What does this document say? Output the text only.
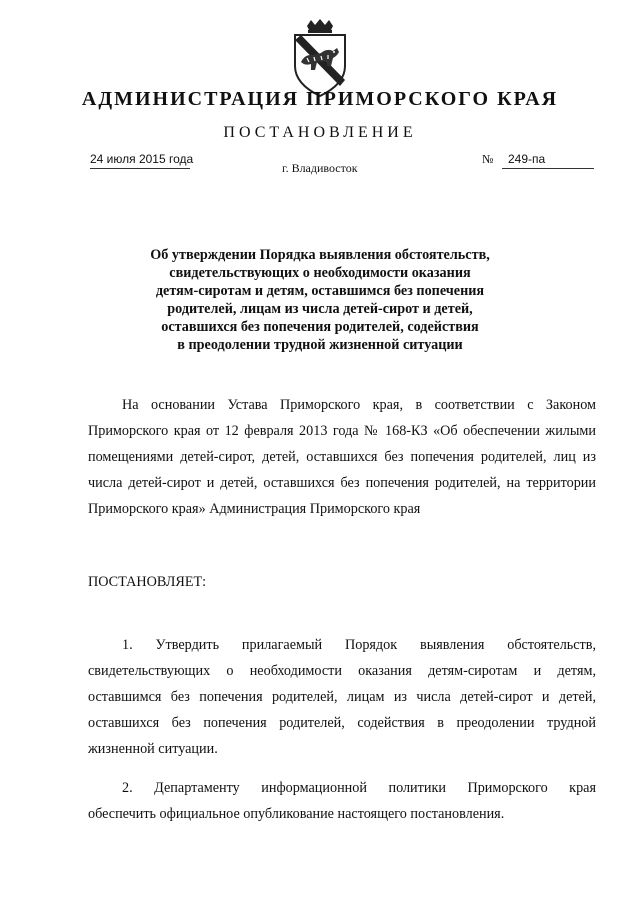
АДМИНИСТРАЦИЯ ПРИМОРСКОГО КРАЯ
ПОСТАНОВЛЕНИЕ
24 июля 2015 года
г. Владивосток
№ 249-па
Об утверждении Порядка выявления обстоятельств,
свидетельствующих о необходимости оказания
детям-сиротам и детям, оставшимся без попечения
родителей, лицам из числа детей-сирот и детей,
оставшихся без попечения родителей, содействия
в преодолении трудной жизненной ситуации
На основании Устава Приморского края, в соответствии с Законом
Приморского края от 12 февраля 2013 года № 168-КЗ «Об обеспечении жилыми
помещениями детей-сирот, детей, оставшихся без попечения родителей, лиц из
числа детей-сирот и детей, оставшихся без попечения родителей, на территории
Приморского края» Администрация Приморского края
ПОСТАНОВЛЯЕТ:
1. Утвердить прилагаемый Порядок выявления обстоятельств,
свидетельствующих о необходимости оказания детям-сиротам и детям,
оставшимся без попечения родителей, лицам из числа детей-сирот и детей,
оставшихся без попечения родителей, содействия в преодолении трудной
жизненной ситуации.
2. Департаменту информационной политики Приморского края
обеспечить официальное опубликование настоящего постановления.
